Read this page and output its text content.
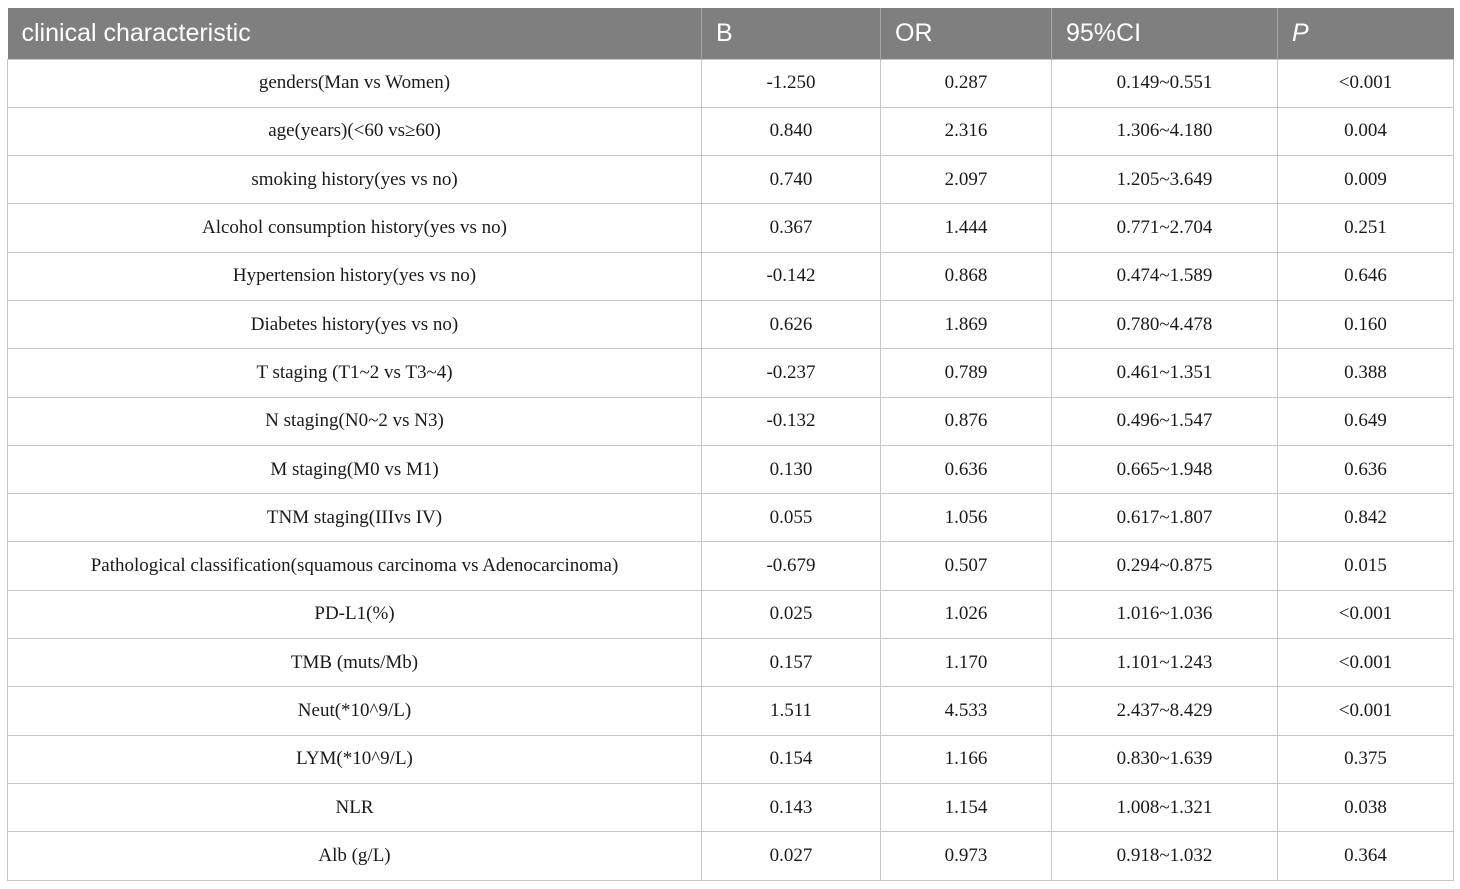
clinical characteristic	B	OR	95%CI	P
genders(Man vs Women)	-1.250	0.287	0.149~0.551	<0.001
age(years)(<60 vs≥60)	0.840	2.316	1.306~4.180	0.004
smoking history(yes vs no)	0.740	2.097	1.205~3.649	0.009
Alcohol consumption history(yes vs no)	0.367	1.444	0.771~2.704	0.251
Hypertension history(yes vs no)	-0.142	0.868	0.474~1.589	0.646
Diabetes history(yes vs no)	0.626	1.869	0.780~4.478	0.160
T staging (T1~2 vs T3~4)	-0.237	0.789	0.461~1.351	0.388
N staging(N0~2 vs N3)	-0.132	0.876	0.496~1.547	0.649
M staging(M0 vs M1)	0.130	0.636	0.665~1.948	0.636
TNM staging(IIIvs IV)	0.055	1.056	0.617~1.807	0.842
Pathological classification(squamous carcinoma vs Adenocarcinoma)	-0.679	0.507	0.294~0.875	0.015
PD-L1(%)	0.025	1.026	1.016~1.036	<0.001
TMB (muts/Mb)	0.157	1.170	1.101~1.243	<0.001
Neut(*10^9/L)	1.511	4.533	2.437~8.429	<0.001
LYM(*10^9/L)	0.154	1.166	0.830~1.639	0.375
NLR	0.143	1.154	1.008~1.321	0.038
Alb (g/L)	0.027	0.973	0.918~1.032	0.364
